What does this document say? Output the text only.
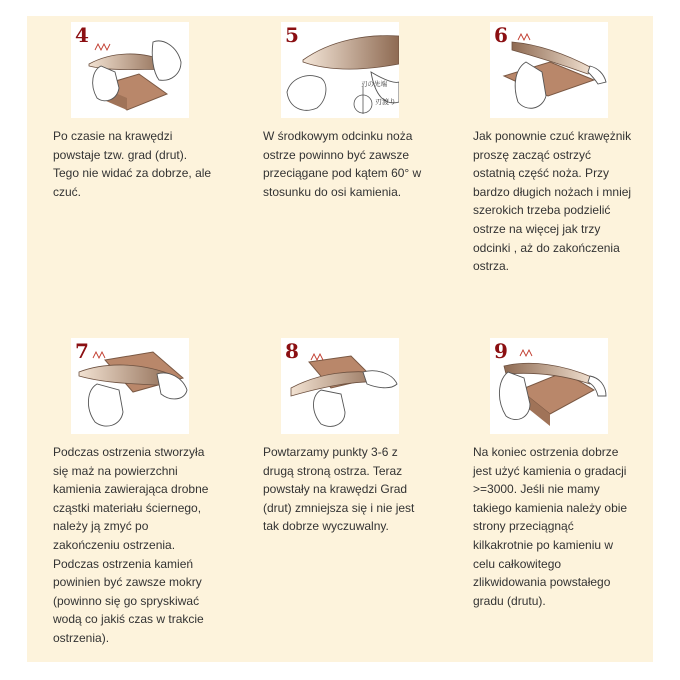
4

Po czasie na krawędzi powstaje tzw. grad (drut). Tego nie widać za dobrze, ale czuć.

刃の先端
刃渡り
5

W środkowym odcinku noża ostrze powinno być zawsze przeciągane pod kątem 60° w stosunku do osi kamienia.

6

Jak ponownie czuć krawężnik proszę zacząć ostrzyć ostatnią część noża. Przy bardzo długich nożach i mniej szerokich trzeba podzielić ostrze na więcej jak trzy odcinki , aż do zakończenia ostrza.

7

Podczas ostrzenia stworzyła się maż na powierzchni kamienia zawierająca drobne cząstki materiału ściernego, należy ją zmyć po zakończeniu ostrzenia. Podczas ostrzenia kamień powinien być zawsze mokry (powinno się go spryskiwać wodą co jakiś czas w trakcie ostrzenia).

8

Powtarzamy punkty 3-6 z drugą stroną ostrza. Teraz powstały na krawędzi Grad (drut) zmniejsza się i nie jest tak dobrze wyczuwalny.

9

Na koniec ostrzenia dobrze jest użyć kamienia o gradacji >=3000. Jeśli nie mamy takiego kamienia należy obie strony przeciągnąć kilkakrotnie po kamieniu w celu całkowitego zlikwidowania powstałego gradu (drutu).
